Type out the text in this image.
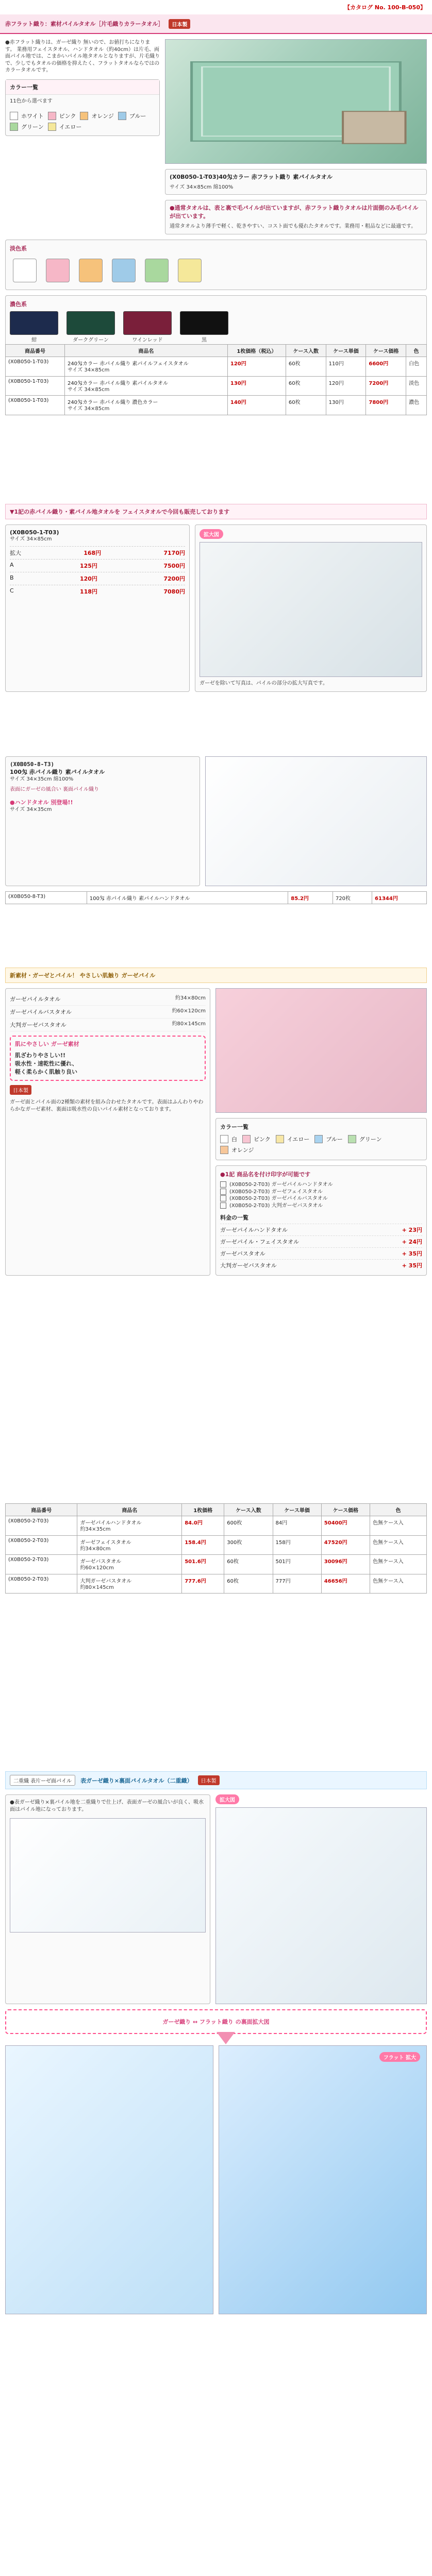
【カタログ No. 100-B-050】
赤フラット織り：素材パイルタオル［片毛織りカラータオル］	日本製
●赤フラット織りは、ガーゼ織り 無いので、お値打ちになります。 業務用フェイスタオル、ハンドタオル（約40cm）は片毛、両面パイル地では、こまかいパイル地タオルとなりますが、片毛織りで、少しでもタオルの価格を抑えたく、フラットタオルならではのカラータオルです。
カラー一覧
11色から選べます
ホワイト	ピンク	オレンジ	ブルー
グリーン	イエロー
(X0B050-1-T03)40匁カラー 赤フラット織り 素パイルタオル
サイズ 34×85cm 綿100%
●通常タオルは、表と裏で毛パイルが出ていますが、赤フラット織りタオルは片面側のみ毛パイルが出ています。
通常タオルより薄手で軽く、乾きやすい、コスト面でも優れたタオルです。業務用・粗品などに最適です。
淡色系
濃色系
紺	ダークグリーン	ワインレッド	黒
商品番号	商品名	1枚価格（税込）	ケース入数	ケース単価	ケース価格	色
(X0B050-1-T03)	240匁カラー 赤パイル織り 素パイルフェイスタオル
サイズ 34×85cm	120円	60枚	110円	6600円	白色
(X0B050-1-T03)	240匁カラー 赤パイル織り 素パイルタオル
サイズ 34×85cm	130円	60枚	120円	7200円	淡色
(X0B050-1-T03)	240匁カラー 赤パイル織り 濃色カラー
サイズ 34×85cm	140円	60枚	130円	7800円	濃色
▼1記の赤パイル織り・素パイル地タオルを フェイスタオルで今回も販売しております
(X0B050-1-T03)
サイズ 34×85cm
拡大	168円	7170円
A	125円	7500円
B	120円	7200円
C	118円	7080円
拡大図
ガーゼを除いて写真は、パイルの部分の拡大写真です。
(X0B050-8-T3)
100匁 赤パイル織り 素パイルタオル
サイズ 34×35cm 綿100%
表面にガーゼの風合い 裏面パイル織り
●ハンドタオル 別登場!!
サイズ 34×35cm
(X0B050-8-T3)	100匁 赤パイル織り 素パイルハンドタオル	85.2円	720枚	61344円
新素材・ガーゼとパイル！ やさしい肌触り ガーゼパイル
ガーゼパイルタオル	約34×80cm
ガーゼパイルバスタオル	約60×120cm
大判ガーゼバスタオル	約80×145cm
肌にやさしい ガーゼ素材
肌ざわりやさしい!!
吸水性・速乾性に優れ、
軽く柔らかく肌触り良い
日本製
ガーゼ面とパイル面の2種類の素材を組み合わせたタオルです。表面はふんわりやわらかなガーゼ素材、裏面は吸水性の良いパイル素材となっております。
カラー一覧
白	ピンク	イエロー	ブルー	グリーン
オレンジ
●1記 商品名を付け印字が可能です
(X0B050-2-T03) ガーゼパイルハンドタオル
(X0B050-2-T03) ガーゼフェイスタオル
(X0B050-2-T03) ガーゼパイルバスタオル
(X0B050-2-T03) 大判ガーゼバスタオル
料金の一覧
ガーゼパイルハンドタオル	+ 23円
ガーゼパイル・フェイスタオル	+ 24円
ガーゼバスタオル	+ 35円
大判ガーゼバスタオル	+ 35円
商品番号	商品名	1枚価格	ケース入数	ケース単価	ケース価格	色
(X0B050-2-T03)	ガーゼパイルハンドタオル
約34×35cm	84.0円	600枚	84円	50400円	色無ケース入
(X0B050-2-T03)	ガーゼフェイスタオル
約34×80cm	158.4円	300枚	158円	47520円	色無ケース入
(X0B050-2-T03)	ガーゼバスタオル
約60×120cm	501.6円	60枚	501円	30096円	色無ケース入
(X0B050-2-T03)	大判ガーゼバスタオル
約80×145cm	777.6円	60枚	777円	46656円	色無ケース入
二重織 表片ーゼ面パイル	表ガーゼ織り×裏面パイルタオル（二重織）	日本製
●表ガーゼ織り×裏パイル地を二重織りで仕上げ、表面ガーゼの風合いが良く、吸水面はパイル地になっております。
拡大図
ガーゼ織り ↔ フラット織り の裏面拡大図
フラット 拡大
